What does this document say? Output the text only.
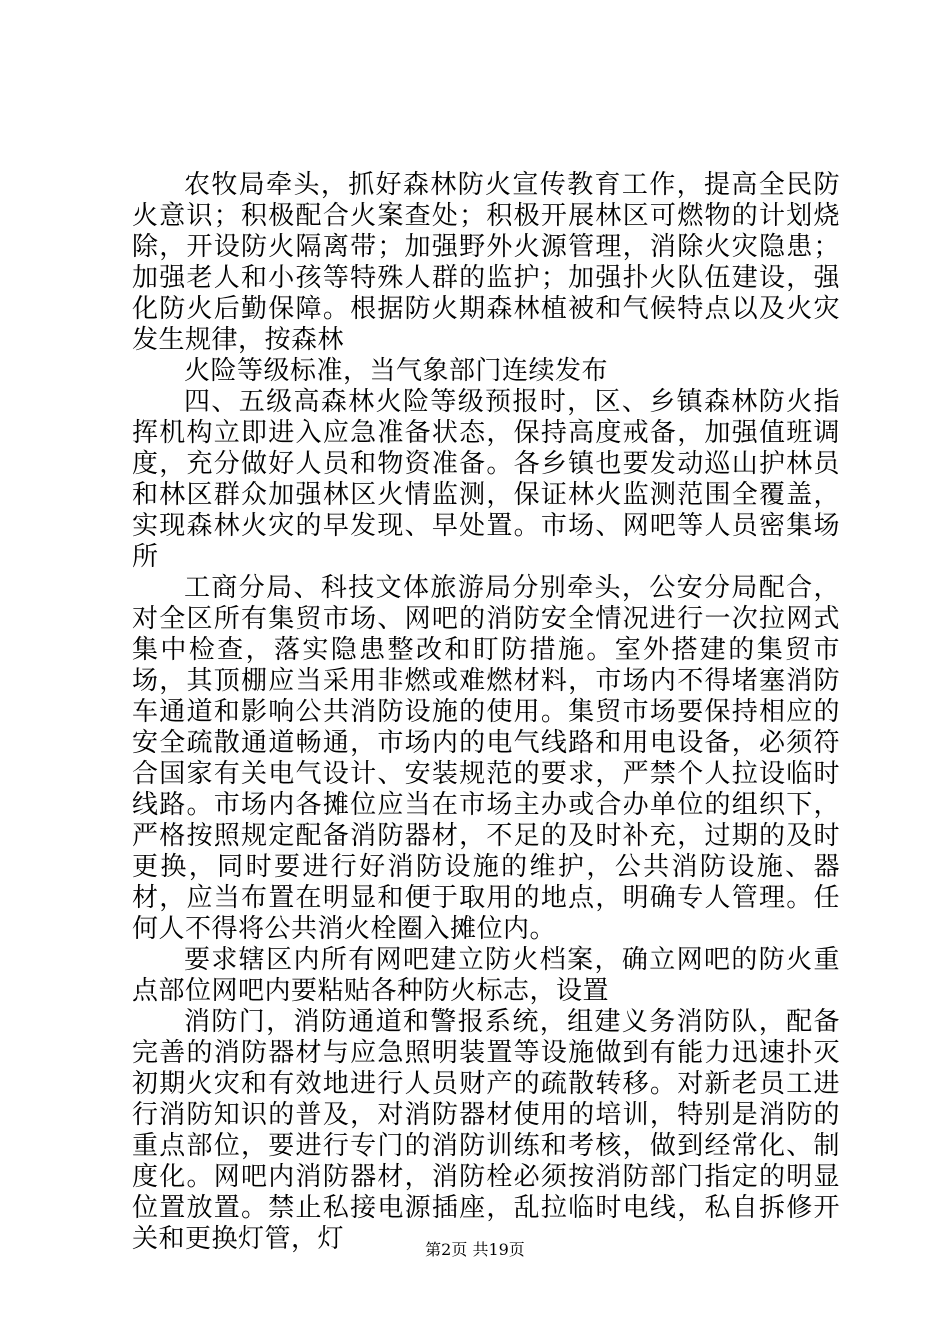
农牧局牵头，抓好森林防火宣传教育工作，提高全民防火意识；积极配合火案查处；积极开展林区可燃物的计划烧除，开设防火隔离带；加强野外火源管理，消除火灾隐患；加强老人和小孩等特殊人群的监护；加强扑火队伍建设，强化防火后勤保障。根据防火期森林植被和气候特点以及火灾发生规律，按森林

火险等级标准，当气象部门连续发布

四、五级高森林火险等级预报时，区、乡镇森林防火指挥机构立即进入应急准备状态，保持高度戒备，加强值班调度，充分做好人员和物资准备。各乡镇也要发动巡山护林员和林区群众加强林区火情监测，保证林火监测范围全覆盖，实现森林火灾的早发现、早处置。市场、网吧等人员密集场所

工商分局、科技文体旅游局分别牵头，公安分局配合，对全区所有集贸市场、网吧的消防安全情况进行一次拉网式集中检查，落实隐患整改和盯防措施。室外搭建的集贸市场，其顶棚应当采用非燃或难燃材料，市场内不得堵塞消防车通道和影响公共消防设施的使用。集贸市场要保持相应的安全疏散通道畅通，市场内的电气线路和用电设备，必须符合国家有关电气设计、安装规范的要求，严禁个人拉设临时线路。市场内各摊位应当在市场主办或合办单位的组织下，严格按照规定配备消防器材，不足的及时补充，过期的及时更换，同时要进行好消防设施的维护，公共消防设施、器材，应当布置在明显和便于取用的地点，明确专人管理。任何人不得将公共消火栓圈入摊位内。

要求辖区内所有网吧建立防火档案，确立网吧的防火重点部位网吧内要粘贴各种防火标志，设置

消防门，消防通道和警报系统，组建义务消防队，配备完善的消防器材与应急照明装置等设施做到有能力迅速扑灭初期火灾和有效地进行人员财产的疏散转移。对新老员工进行消防知识的普及，对消防器材使用的培训，特别是消防的重点部位，要进行专门的消防训练和考核，做到经常化、制度化。网吧内消防器材，消防栓必须按消防部门指定的明显位置放置。禁止私接电源插座，乱拉临时电线，私自拆修开关和更换灯管，灯	第2页 共19页
